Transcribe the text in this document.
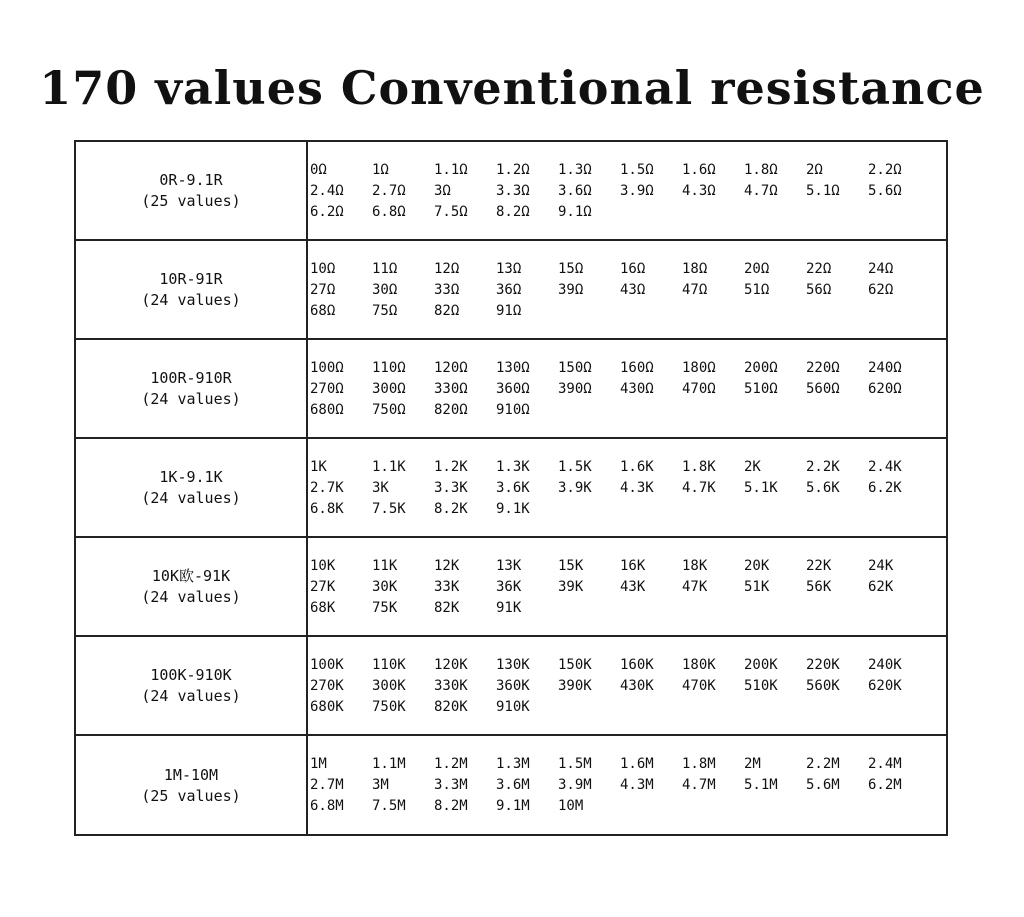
170 values Conventional resistance
0R-9.1R
(25 values)
0Ω	1Ω	1.1Ω 1.2Ω 1.3Ω 1.5Ω 1.6Ω 1.8Ω 2Ω	2.2Ω
2.4Ω 2.7Ω 3Ω	3.3Ω 3.6Ω 3.9Ω 4.3Ω 4.7Ω 5.1Ω 5.6Ω
6.2Ω 6.8Ω 7.5Ω 8.2Ω 9.1Ω
10R-91R
(24 values)
10Ω	11Ω	12Ω	13Ω	15Ω	16Ω	18Ω	20Ω	22Ω	24Ω
27Ω	30Ω	33Ω	36Ω	39Ω	43Ω	47Ω	51Ω	56Ω	62Ω
68Ω	75Ω	82Ω	91Ω
100R-910R
(24 values)
100Ω 110Ω 120Ω 130Ω 150Ω 160Ω 180Ω 200Ω 220Ω 240Ω
270Ω 300Ω 330Ω 360Ω 390Ω 430Ω 470Ω 510Ω 560Ω 620Ω
680Ω 750Ω 820Ω 910Ω
1K-9.1K
(24 values)
1K	1.1K 1.2K 1.3K 1.5K 1.6K 1.8K 2K	2.2K 2.4K
2.7K 3K	3.3K 3.6K 3.9K 4.3K 4.7K 5.1K 5.6K 6.2K
6.8K 7.5K 8.2K 9.1K
10K欧-91K
(24 values)
10K	11K	12K	13K	15K	16K	18K	20K	22K	24K
27K	30K	33K	36K	39K	43K	47K	51K	56K	62K
68K	75K	82K	91K
100K-910K
(24 values)
100K 110K 120K 130K 150K 160K 180K 200K 220K 240K
270K 300K 330K 360K 390K 430K 470K 510K 560K 620K
680K 750K 820K 910K
1M-10M
(25 values)
1M	1.1M 1.2M 1.3M 1.5M 1.6M 1.8M 2M	2.2M 2.4M
2.7M 3M	3.3M 3.6M 3.9M 4.3M 4.7M 5.1M 5.6M 6.2M
6.8M 7.5M 8.2M 9.1M 10M
